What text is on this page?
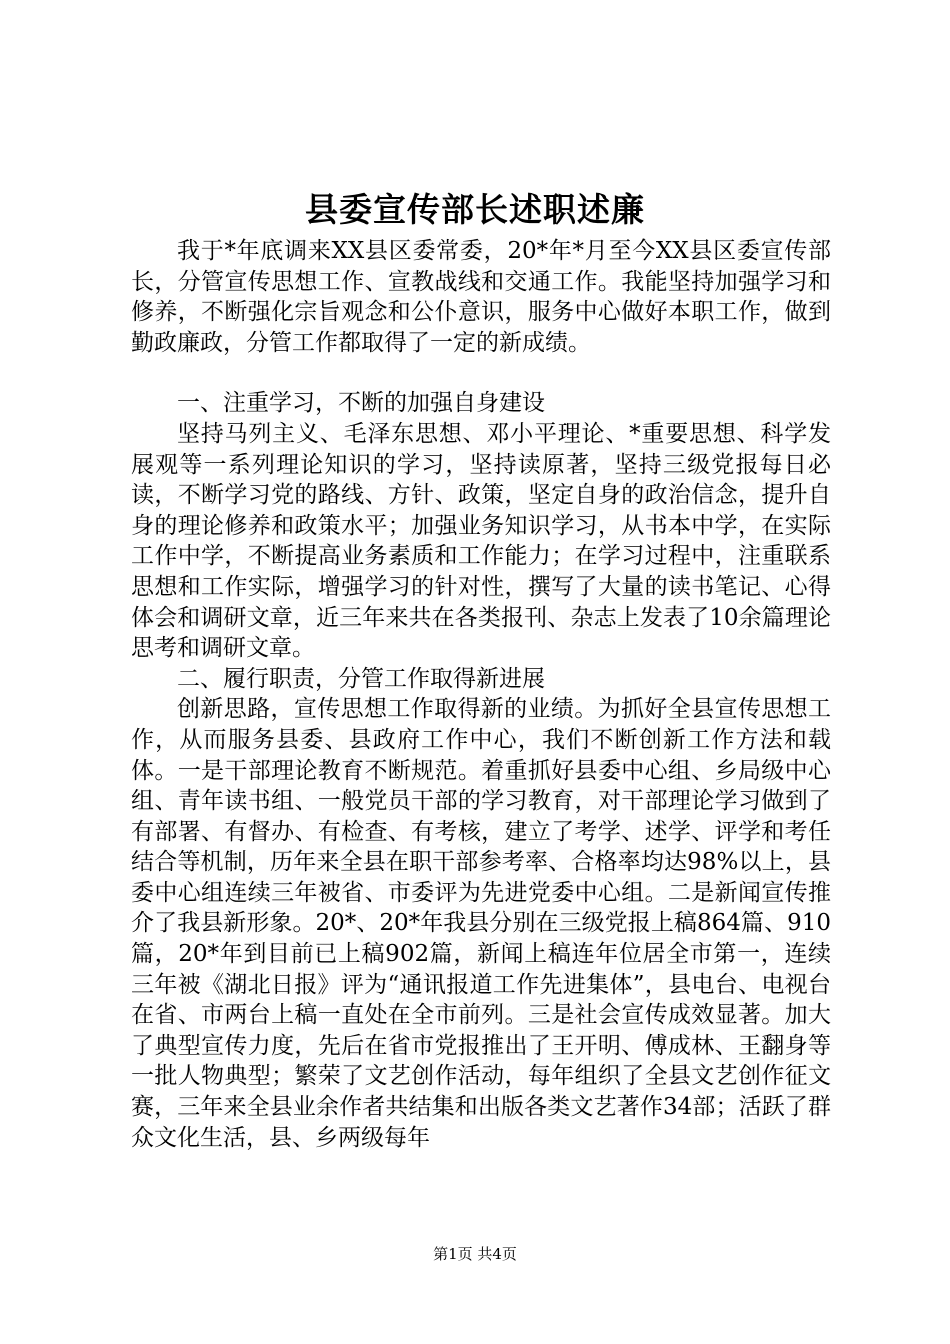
县委宣传部长述职述廉

我于*年底调来XX县区委常委，20*年*月至今XX县区委宣传部长，分管宣传思想工作、宣教战线和交通工作。我能坚持加强学习和修养，不断强化宗旨观念和公仆意识，服务中心做好本职工作，做到勤政廉政，分管工作都取得了一定的新成绩。

一、注重学习，不断的加强自身建设

坚持马列主义、毛泽东思想、邓小平理论、*重要思想、科学发展观等一系列理论知识的学习，坚持读原著，坚持三级党报每日必读，不断学习党的路线、方针、政策，坚定自身的政治信念，提升自身的理论修养和政策水平；加强业务知识学习，从书本中学，在实际工作中学，不断提高业务素质和工作能力；在学习过程中，注重联系思想和工作实际，增强学习的针对性，撰写了大量的读书笔记、心得体会和调研文章，近三年来共在各类报刊、杂志上发表了10余篇理论思考和调研文章。

二、履行职责，分管工作取得新进展

创新思路，宣传思想工作取得新的业绩。为抓好全县宣传思想工作，从而服务县委、县政府工作中心，我们不断创新工作方法和载体。一是干部理论教育不断规范。着重抓好县委中心组、乡局级中心组、青年读书组、一般党员干部的学习教育，对干部理论学习做到了有部署、有督办、有检查、有考核，建立了考学、述学、评学和考任结合等机制，历年来全县在职干部参考率、合格率均达98%以上，县委中心组连续三年被省、市委评为先进党委中心组。二是新闻宣传推介了我县新形象。20*、20*年我县分别在三级党报上稿864篇、910篇，20*年到目前已上稿902篇，新闻上稿连年位居全市第一，连续三年被《湖北日报》评为“通讯报道工作先进集体”，县电台、电视台在省、市两台上稿一直处在全市前列。三是社会宣传成效显著。加大了典型宣传力度，先后在省市党报推出了王开明、傅成林、王翻身等一批人物典型；繁荣了文艺创作活动，每年组织了全县文艺创作征文赛，三年来全县业余作者共结集和出版各类文艺著作34部；活跃了群众文化生活，县、乡两级每年

第1页 共4页
